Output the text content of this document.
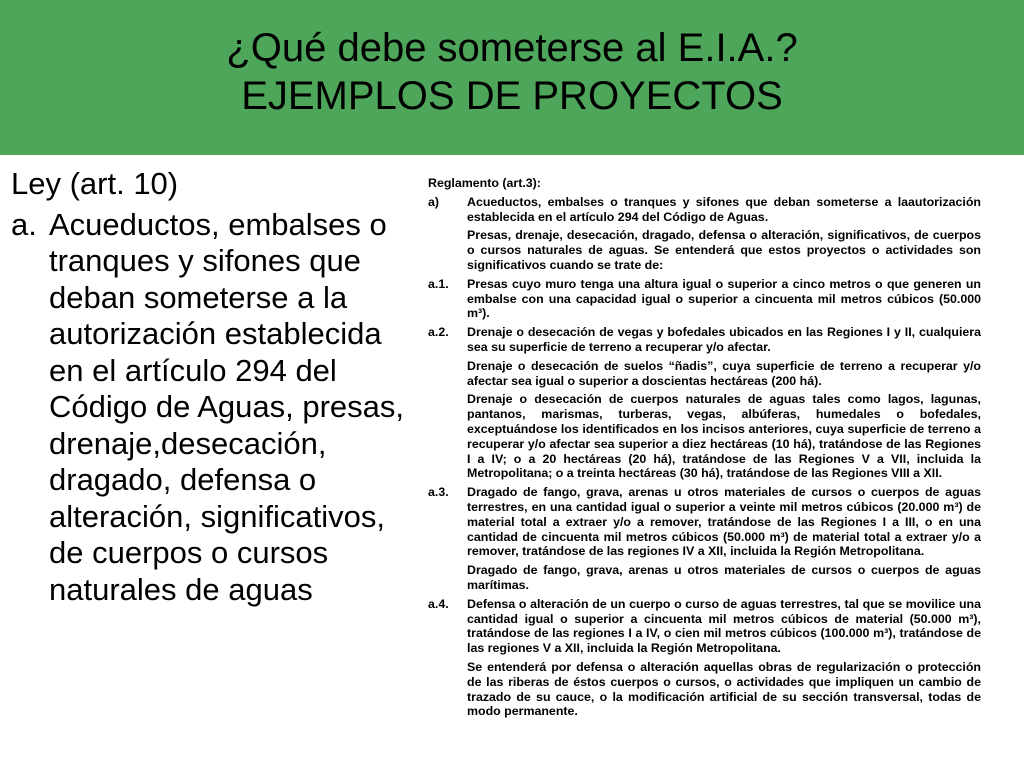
¿Qué debe someterse al E.I.A.?
EJEMPLOS DE PROYECTOS
Ley (art. 10)
a. Acueductos, embalses o tranques y sifones que deban someterse a la autorización establecida en el artículo 294 del Código de Aguas, presas, drenaje,desecación, dragado, defensa o alteración, significativos, de cuerpos o cursos naturales de aguas
Reglamento (art.3):
a)	Acueductos, embalses o tranques y sifones que deban someterse a laautorización establecida en el artículo 294 del Código de Aguas.
Presas, drenaje, desecación, dragado, defensa o alteración, significativos, de cuerpos o cursos naturales de aguas. Se entenderá que estos proyectos o actividades son significativos cuando se trate de:
a.1.	Presas cuyo muro tenga una altura igual o superior a cinco metros o que generen un embalse con una capacidad igual o superior a cincuenta mil metros cúbicos (50.000 m³).
a.2.	Drenaje o desecación de vegas y bofedales ubicados en las Regiones I y II, cualquiera sea su superficie de terreno a recuperar y/o afectar.
Drenaje o desecación de suelos “ñadis”, cuya superficie de terreno a recuperar y/o afectar sea igual o superior a doscientas hectáreas (200 há).
Drenaje o desecación de cuerpos naturales de aguas tales como lagos, lagunas, pantanos, marismas, turberas, vegas, albúferas, humedales o bofedales, exceptuándose los identificados en los incisos anteriores, cuya superficie de terreno a recuperar y/o afectar sea superior a diez hectáreas (10 há), tratándose de las Regiones I a IV; o a 20 hectáreas (20 há), tratándose de las Regiones V a VII, incluida la Metropolitana; o a treinta hectáreas (30 há), tratándose de las Regiones VIII a XII.
a.3.	Dragado de fango, grava, arenas u otros materiales de cursos o cuerpos de aguas terrestres, en una cantidad igual o superior a veinte mil metros cúbicos (20.000 m³) de material total a extraer y/o a remover, tratándose de las Regiones I a III, o en una cantidad de cincuenta mil metros cúbicos (50.000 m³) de material total a extraer y/o a remover, tratándose de las regiones IV a XII, incluida la Región Metropolitana.
Dragado de fango, grava, arenas u otros materiales de cursos o cuerpos de aguas marítimas.
a.4.	Defensa o alteración de un cuerpo o curso de aguas terrestres, tal que se movilice una cantidad igual o superior a cincuenta mil metros cúbicos de material (50.000 m³), tratándose de las regiones I a IV, o cien mil metros cúbicos (100.000 m³), tratándose de las regiones V a XII, incluida la Región Metropolitana.
Se entenderá por defensa o alteración aquellas obras de regularización o protección de las riberas de éstos cuerpos o cursos, o actividades que impliquen un cambio de trazado de su cauce, o la modificación artificial de su sección transversal, todas de modo permanente.
